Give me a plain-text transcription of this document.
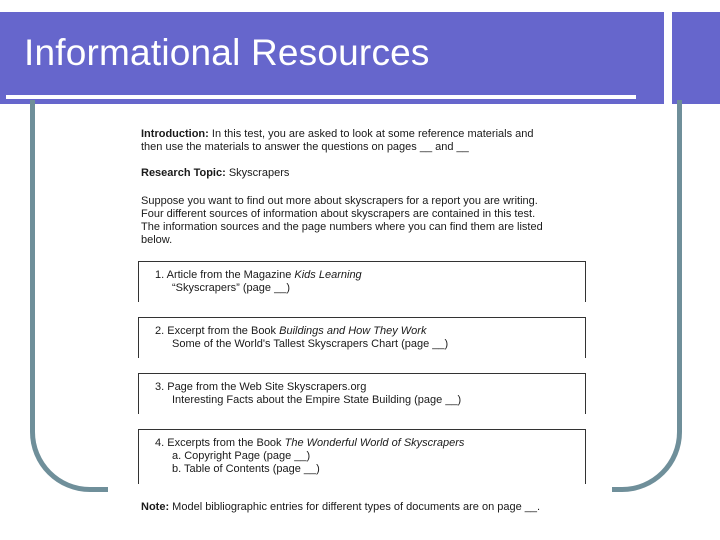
Informational Resources

Introduction: In this test, you are asked to look at some reference materials and

then use the materials to answer the questions on pages __ and __

Research Topic: Skyscrapers

Suppose you want to find out more about skyscrapers for a report you are writing.

Four different sources of information about skyscrapers are contained in this test.

The information sources and the page numbers where you can find them are listed

below.

1. Article from the Magazine Kids Learning
“Skyscrapers” (page __)
2. Excerpt from the Book Buildings and How They Work
Some of the World's Tallest Skyscrapers Chart (page __)
3. Page from the Web Site Skyscrapers.org
Interesting Facts about the Empire State Building (page __)
4. Excerpts from the Book The Wonderful World of Skyscrapers
a. Copyright Page (page __)
b. Table of Contents (page __)

Note: Model bibliographic entries for different types of documents are on page __.
